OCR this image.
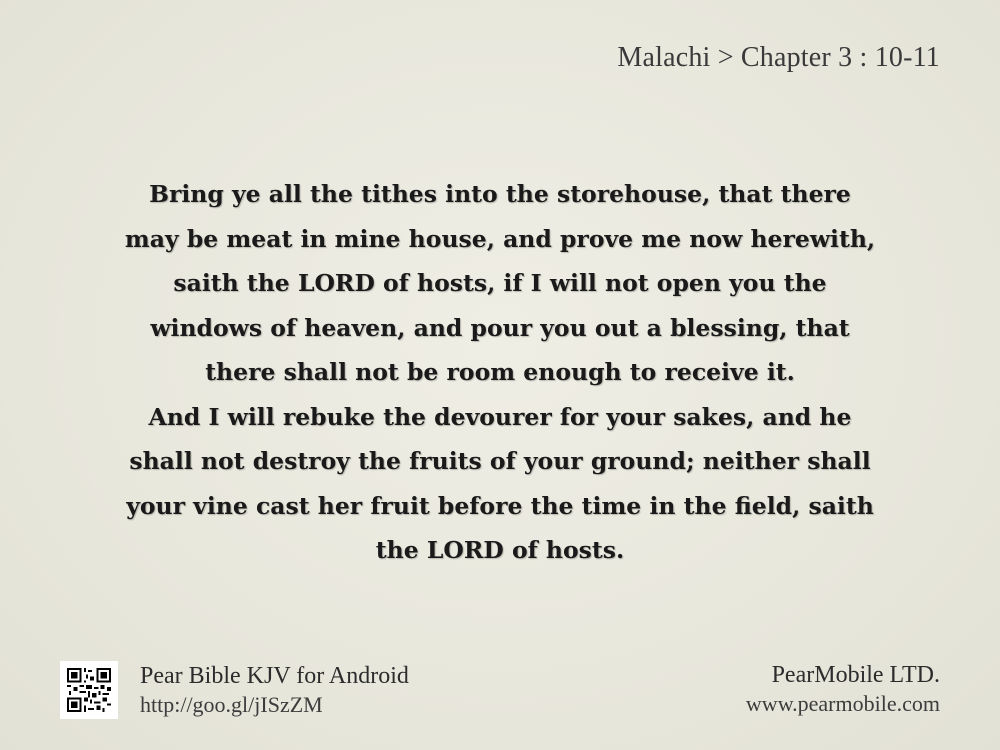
Malachi > Chapter 3 : 10-11
Bring ye all the tithes into the storehouse, that there
may be meat in mine house, and prove me now herewith,
saith the LORD of hosts, if I will not open you the
windows of heaven, and pour you out a blessing, that
there shall not be room enough to receive it.
And I will rebuke the devourer for your sakes, and he
shall not destroy the fruits of your ground; neither shall
your vine cast her fruit before the time in the field, saith
the LORD of hosts.
Pear Bible KJV for Android
http://goo.gl/jISzZM
PearMobile LTD.
www.pearmobile.com
